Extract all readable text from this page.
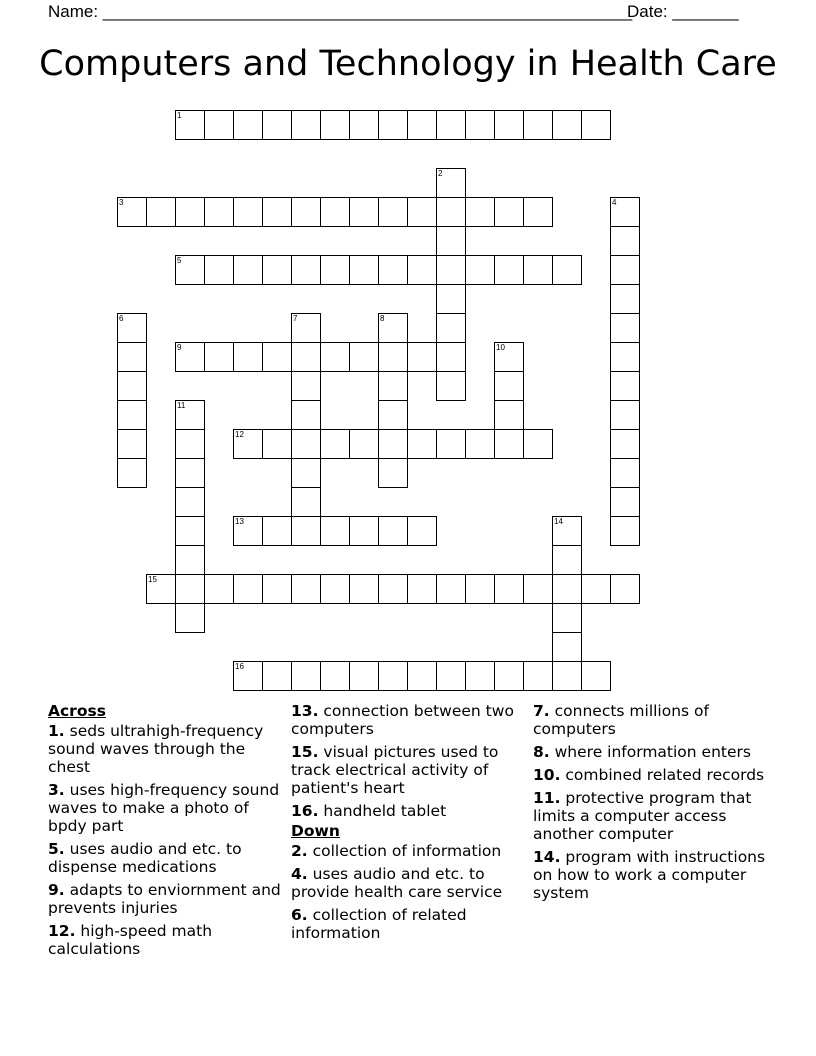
Name: ________________________________________________________
Date: _______
Computers and Technology in Health Care
Across
1. seds ultrahigh-frequency sound waves through the chest
3. uses high-frequency sound waves to make a photo of bpdy part
5. uses audio and etc. to dispense medications
9. adapts to enviornment and prevents injuries
12. high-speed math calculations
13. connection between two computers
15. visual pictures used to track electrical activity of patient's heart
16. handheld tablet
Down
2. collection of information
4. uses audio and etc. to provide health care service
6. collection of related information
7. connects millions of computers
8. where information enters
10. combined related records
11. protective program that limits a computer access another computer
14. program with instructions on how to work a computer system
1
2
3	4
5
6	7	8
9	10
11
12
13	14
15
16
